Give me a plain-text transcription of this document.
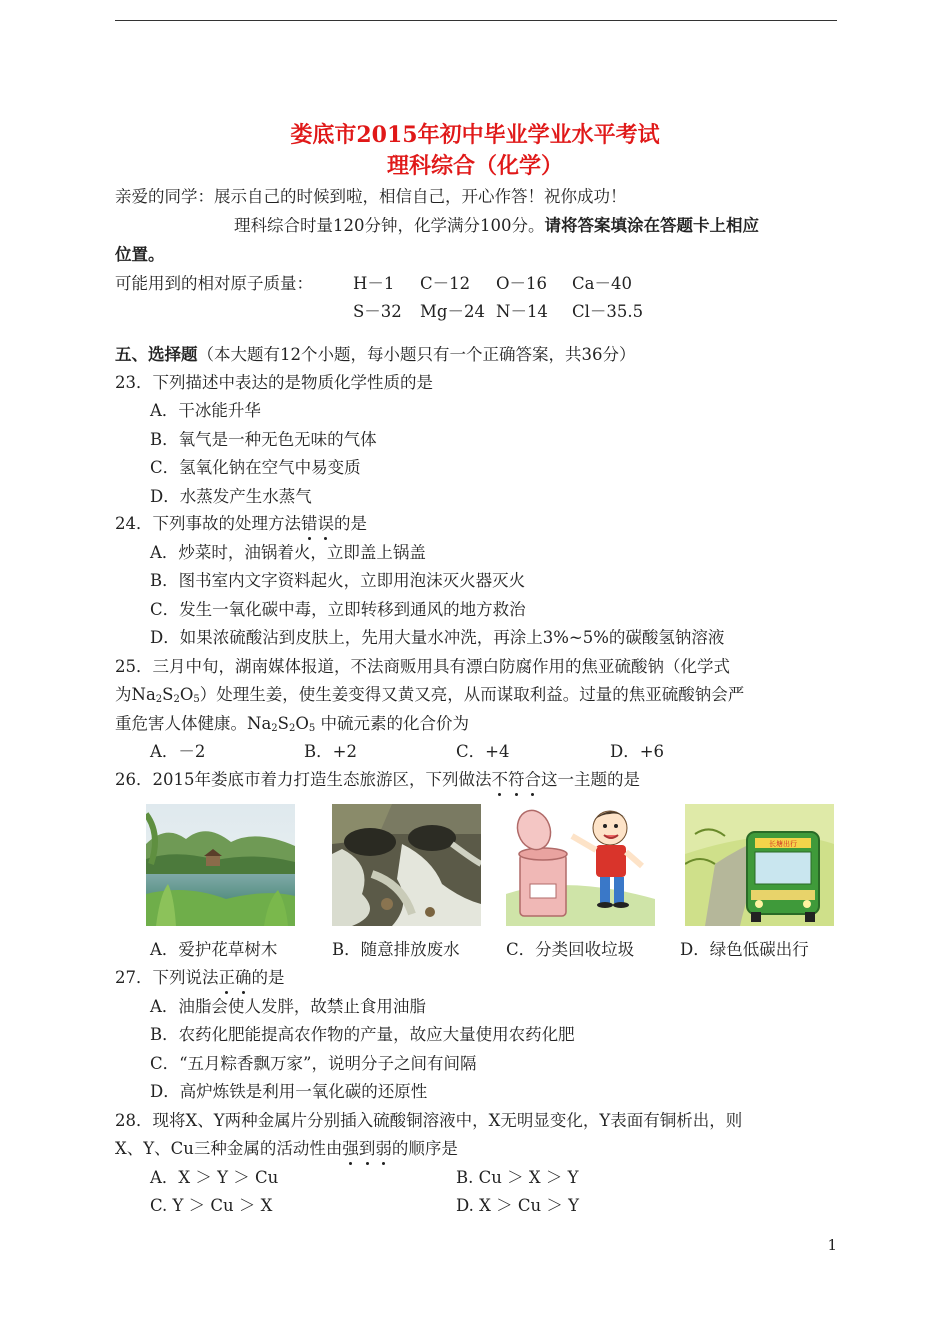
娄底市2015年初中毕业学业水平考试
理科综合（化学）
亲爱的同学：展示自己的时候到啦，相信自己，开心作答！祝你成功！
理科综合时量120分钟，化学满分100分。请将答案填涂在答题卡上相应
位置。
可能用到的相对原子质量： H－1 C－12 O－16 Ca－40
S－32 Mg－24 N－14 Cl－35.5
五、选择题（本大题有12个小题，每小题只有一个正确答案，共36分）
23．下列描述中表达的是物质化学性质的是
A．干冰能升华
B．氧气是一种无色无味的气体
C．氢氧化钠在空气中易变质
D．水蒸发产生水蒸气
24．下列事故的处理方法错误的是
A．炒菜时，油锅着火，立即盖上锅盖
B．图书室内文字资料起火，立即用泡沫灭火器灭火
C．发生一氧化碳中毒，立即转移到通风的地方救治
D．如果浓硫酸沾到皮肤上，先用大量水冲洗，再涂上3%~5%的碳酸氢钠溶液
25．三月中旬，湖南媒体报道，不法商贩用具有漂白防腐作用的焦亚硫酸钠（化学式
为$Na_2S_2O_5$）处理生姜，使生姜变得又黄又亮，从而谋取利益。过量的焦亚硫酸钠会严
重危害人体健康。$Na_2S_2O_5$ 中硫元素的化合价为
A．－2	B．+2	C．+4	D．+6
26．2015年娄底市着力打造生态旅游区，下列做法不符合这一主题的是
长塘出行
A．爱护花草树木	B．随意排放废水	C．分类回收垃圾	D．绿色低碳出行
27．下列说法正确的是
A．油脂会使人发胖，故禁止食用油脂
B．农药化肥能提高农作物的产量，故应大量使用农药化肥
C．“五月粽香飘万家”，说明分子之间有间隔
D．高炉炼铁是利用一氧化碳的还原性
28．现将X、Y两种金属片分别插入硫酸铜溶液中，X无明显变化，Y表面有铜析出，则
X、Y、Cu三种金属的活动性由强到弱的顺序是
A．X ＞ Y ＞ Cu	B. Cu ＞ X ＞ Y
C. Y ＞ Cu ＞ X	D. X ＞ Cu ＞ Y
1
